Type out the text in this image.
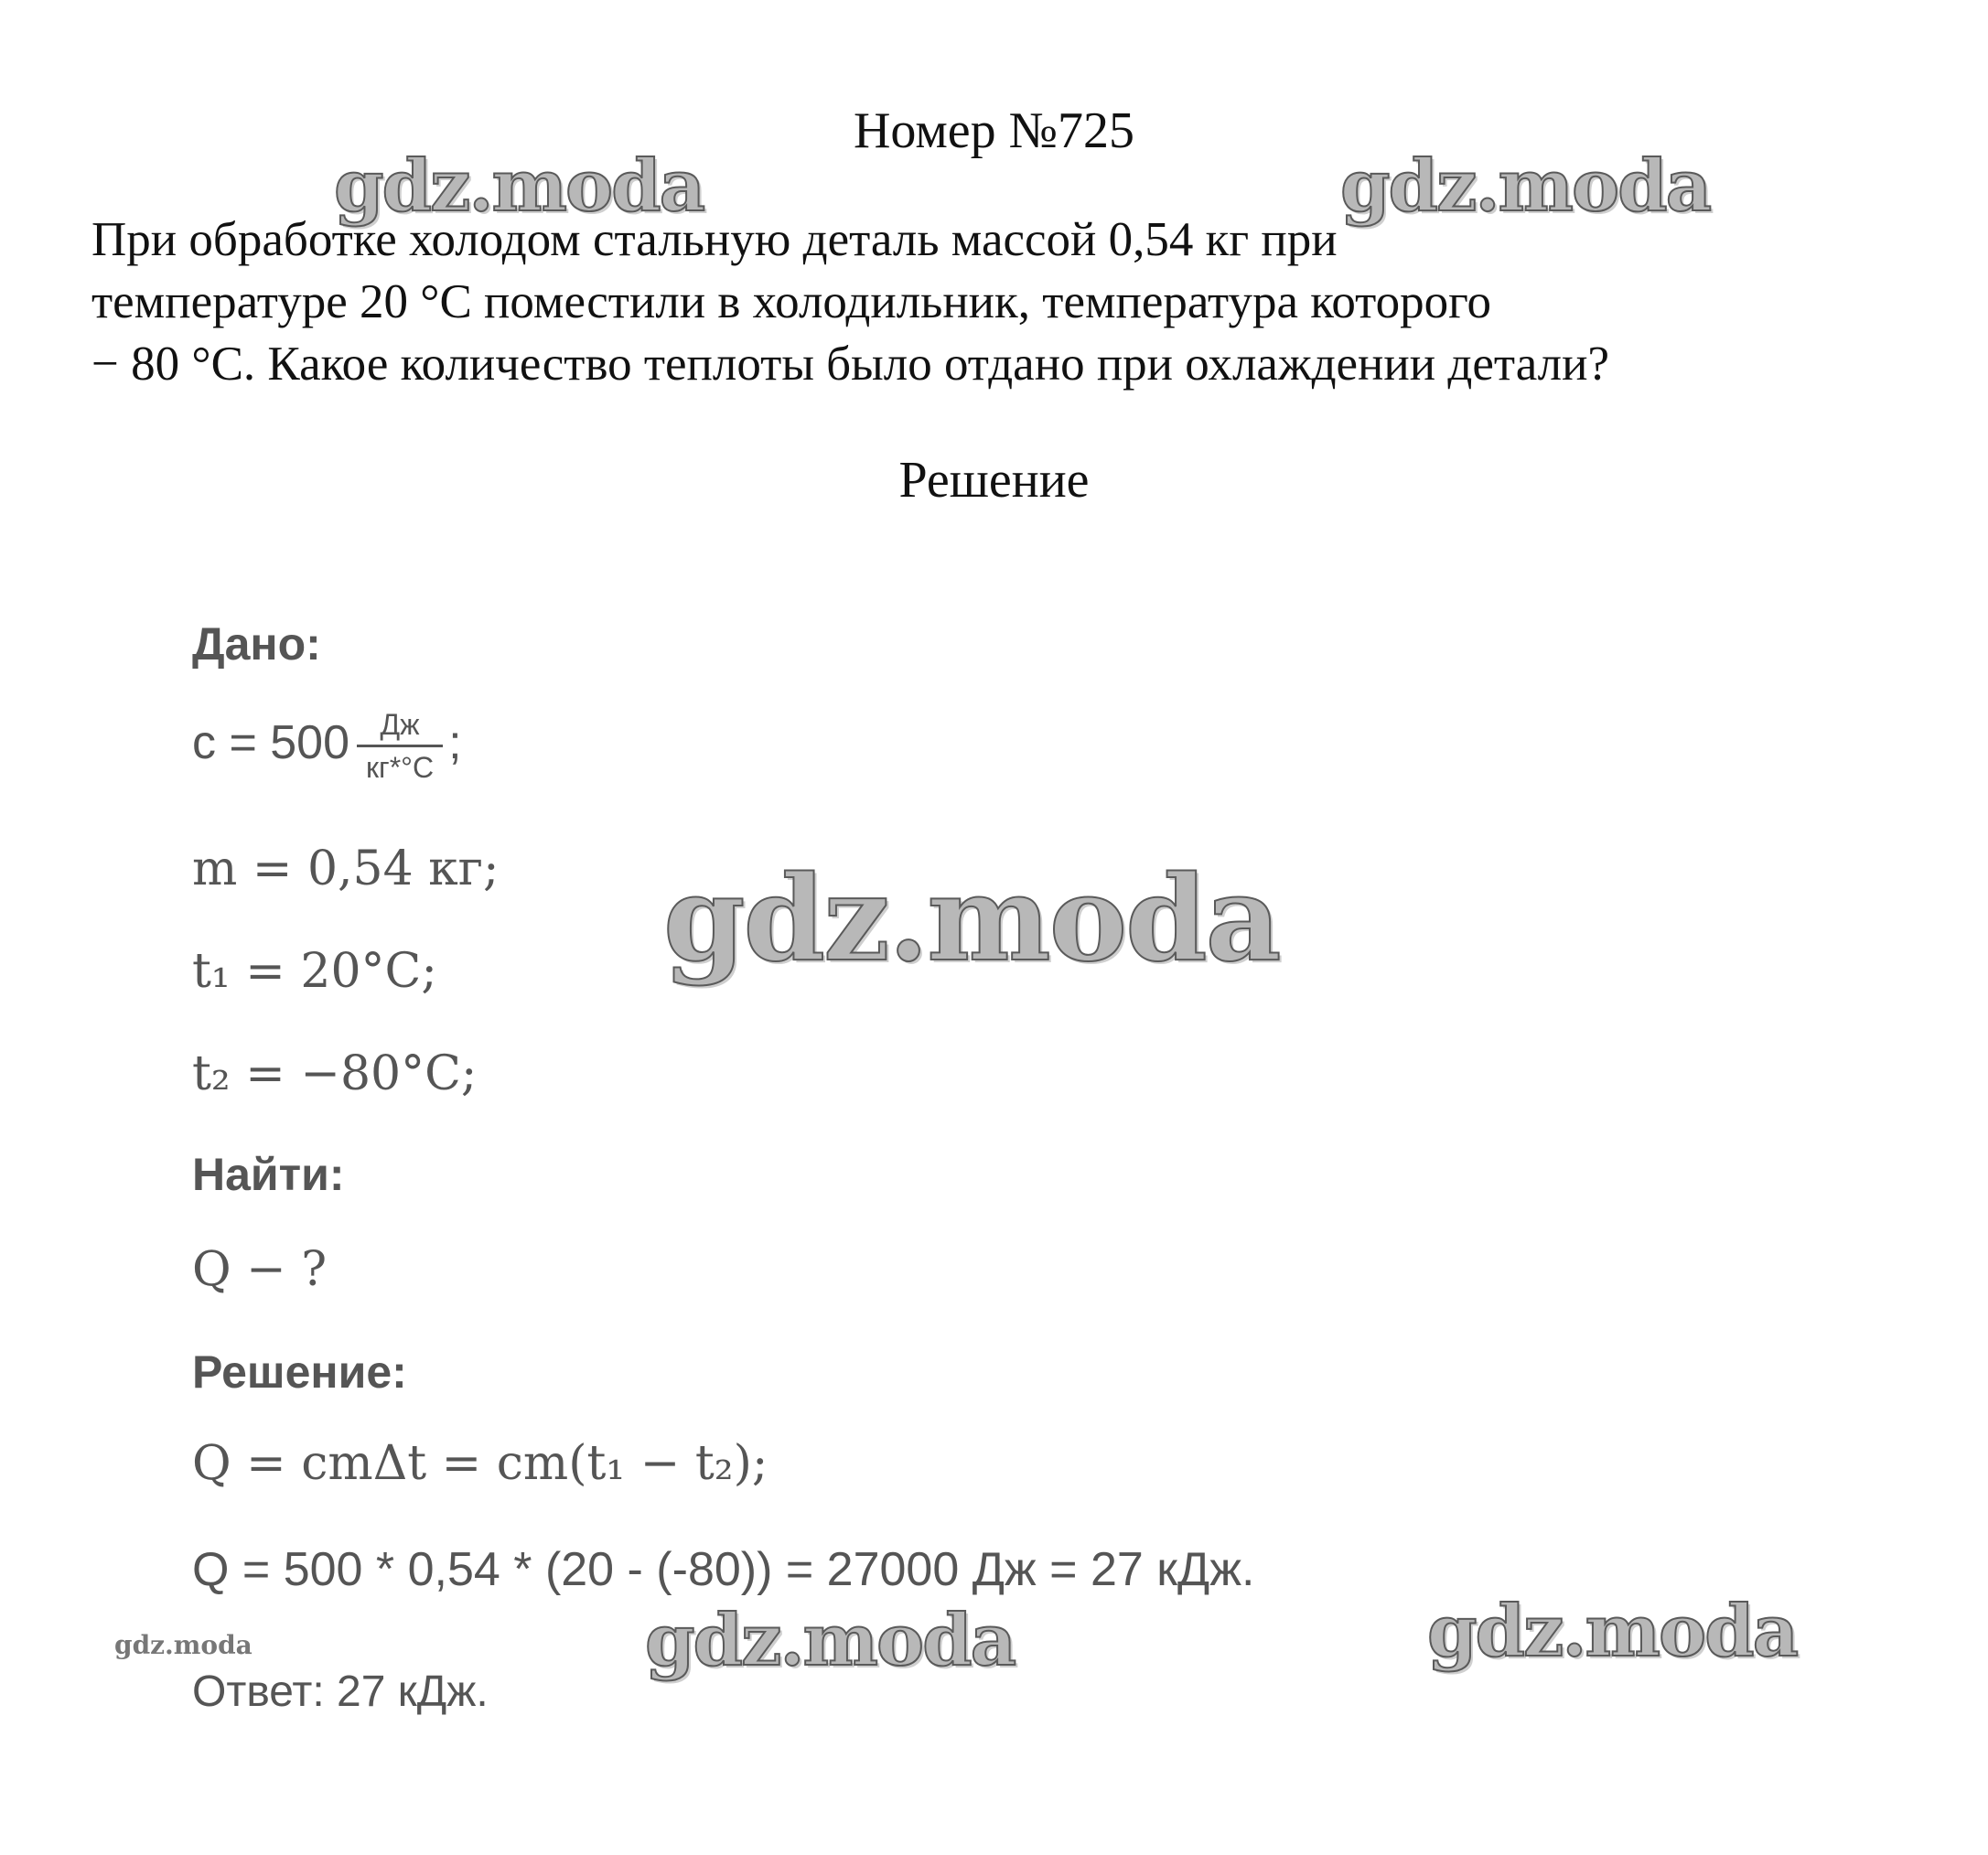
Номер №725
gdz.moda	gdz.moda
При обработке холодом стальную деталь массой 0,54 кг при
температуре 20 °С поместили в холодильник, температура которого
− 80 °С. Какое количество теплоты было отдано при охлаждении детали?
Решение
Дано:
$с = 500 \frac{Дж}{кг*^\circ С}$ ;
gdz.moda
m = 0,54 кг;
t₁ = 20°C;
t₂ = −80°C;
Найти:
Q − ?
Решение:
Q = cmΔt = cm(t₁ − t₂);
Q = 500 * 0,54 * (20 - (-80)) = 27000 Дж = 27 кДж.
gdz.moda	gdz.moda
gdz.moda
Ответ: 27 кДж.
